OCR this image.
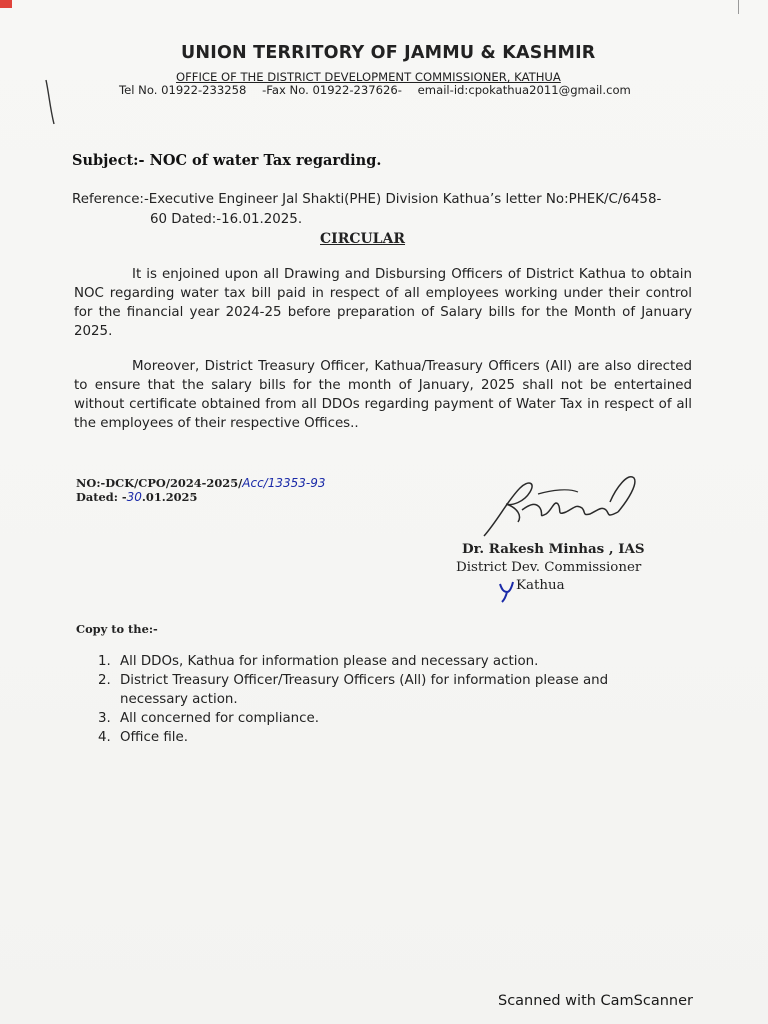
UNION TERRITORY OF JAMMU & KASHMIR
OFFICE OF THE DISTRICT DEVELOPMENT COMMISSIONER, KATHUA
Tel No. 01922-233258 -Fax No. 01922-237626- email-id:cpokathua2011@gmail.com
Subject:- NOC of water Tax regarding.
Reference:-Executive Engineer Jal Shakti(PHE) Division Kathua’s letter No:PHEK/C/6458-
60 Dated:-16.01.2025.
CIRCULAR
It is enjoined upon all Drawing and Disbursing Officers of District Kathua to obtain NOC regarding water tax bill paid in respect of all employees working under their control for the financial year 2024-25 before preparation of Salary bills for the Month of January 2025.
Moreover, District Treasury Officer, Kathua/Treasury Officers (All) are also directed to ensure that the salary bills for the month of January, 2025 shall not be entertained without certificate obtained from all DDOs regarding payment of Water Tax in respect of all the employees of their respective Offices..
NO:-DCK/CPO/2024-2025/Acc/13353-93
Dated: -30.01.2025
Dr. Rakesh Minhas , IAS
District Dev. Commissioner
Kathua
Copy to the:-
1. All DDOs, Kathua for information please and necessary action.
2. District Treasury Officer/Treasury Officers (All) for information please and necessary action.
3. All concerned for compliance.
4. Office file.
Scanned with CamScanner
